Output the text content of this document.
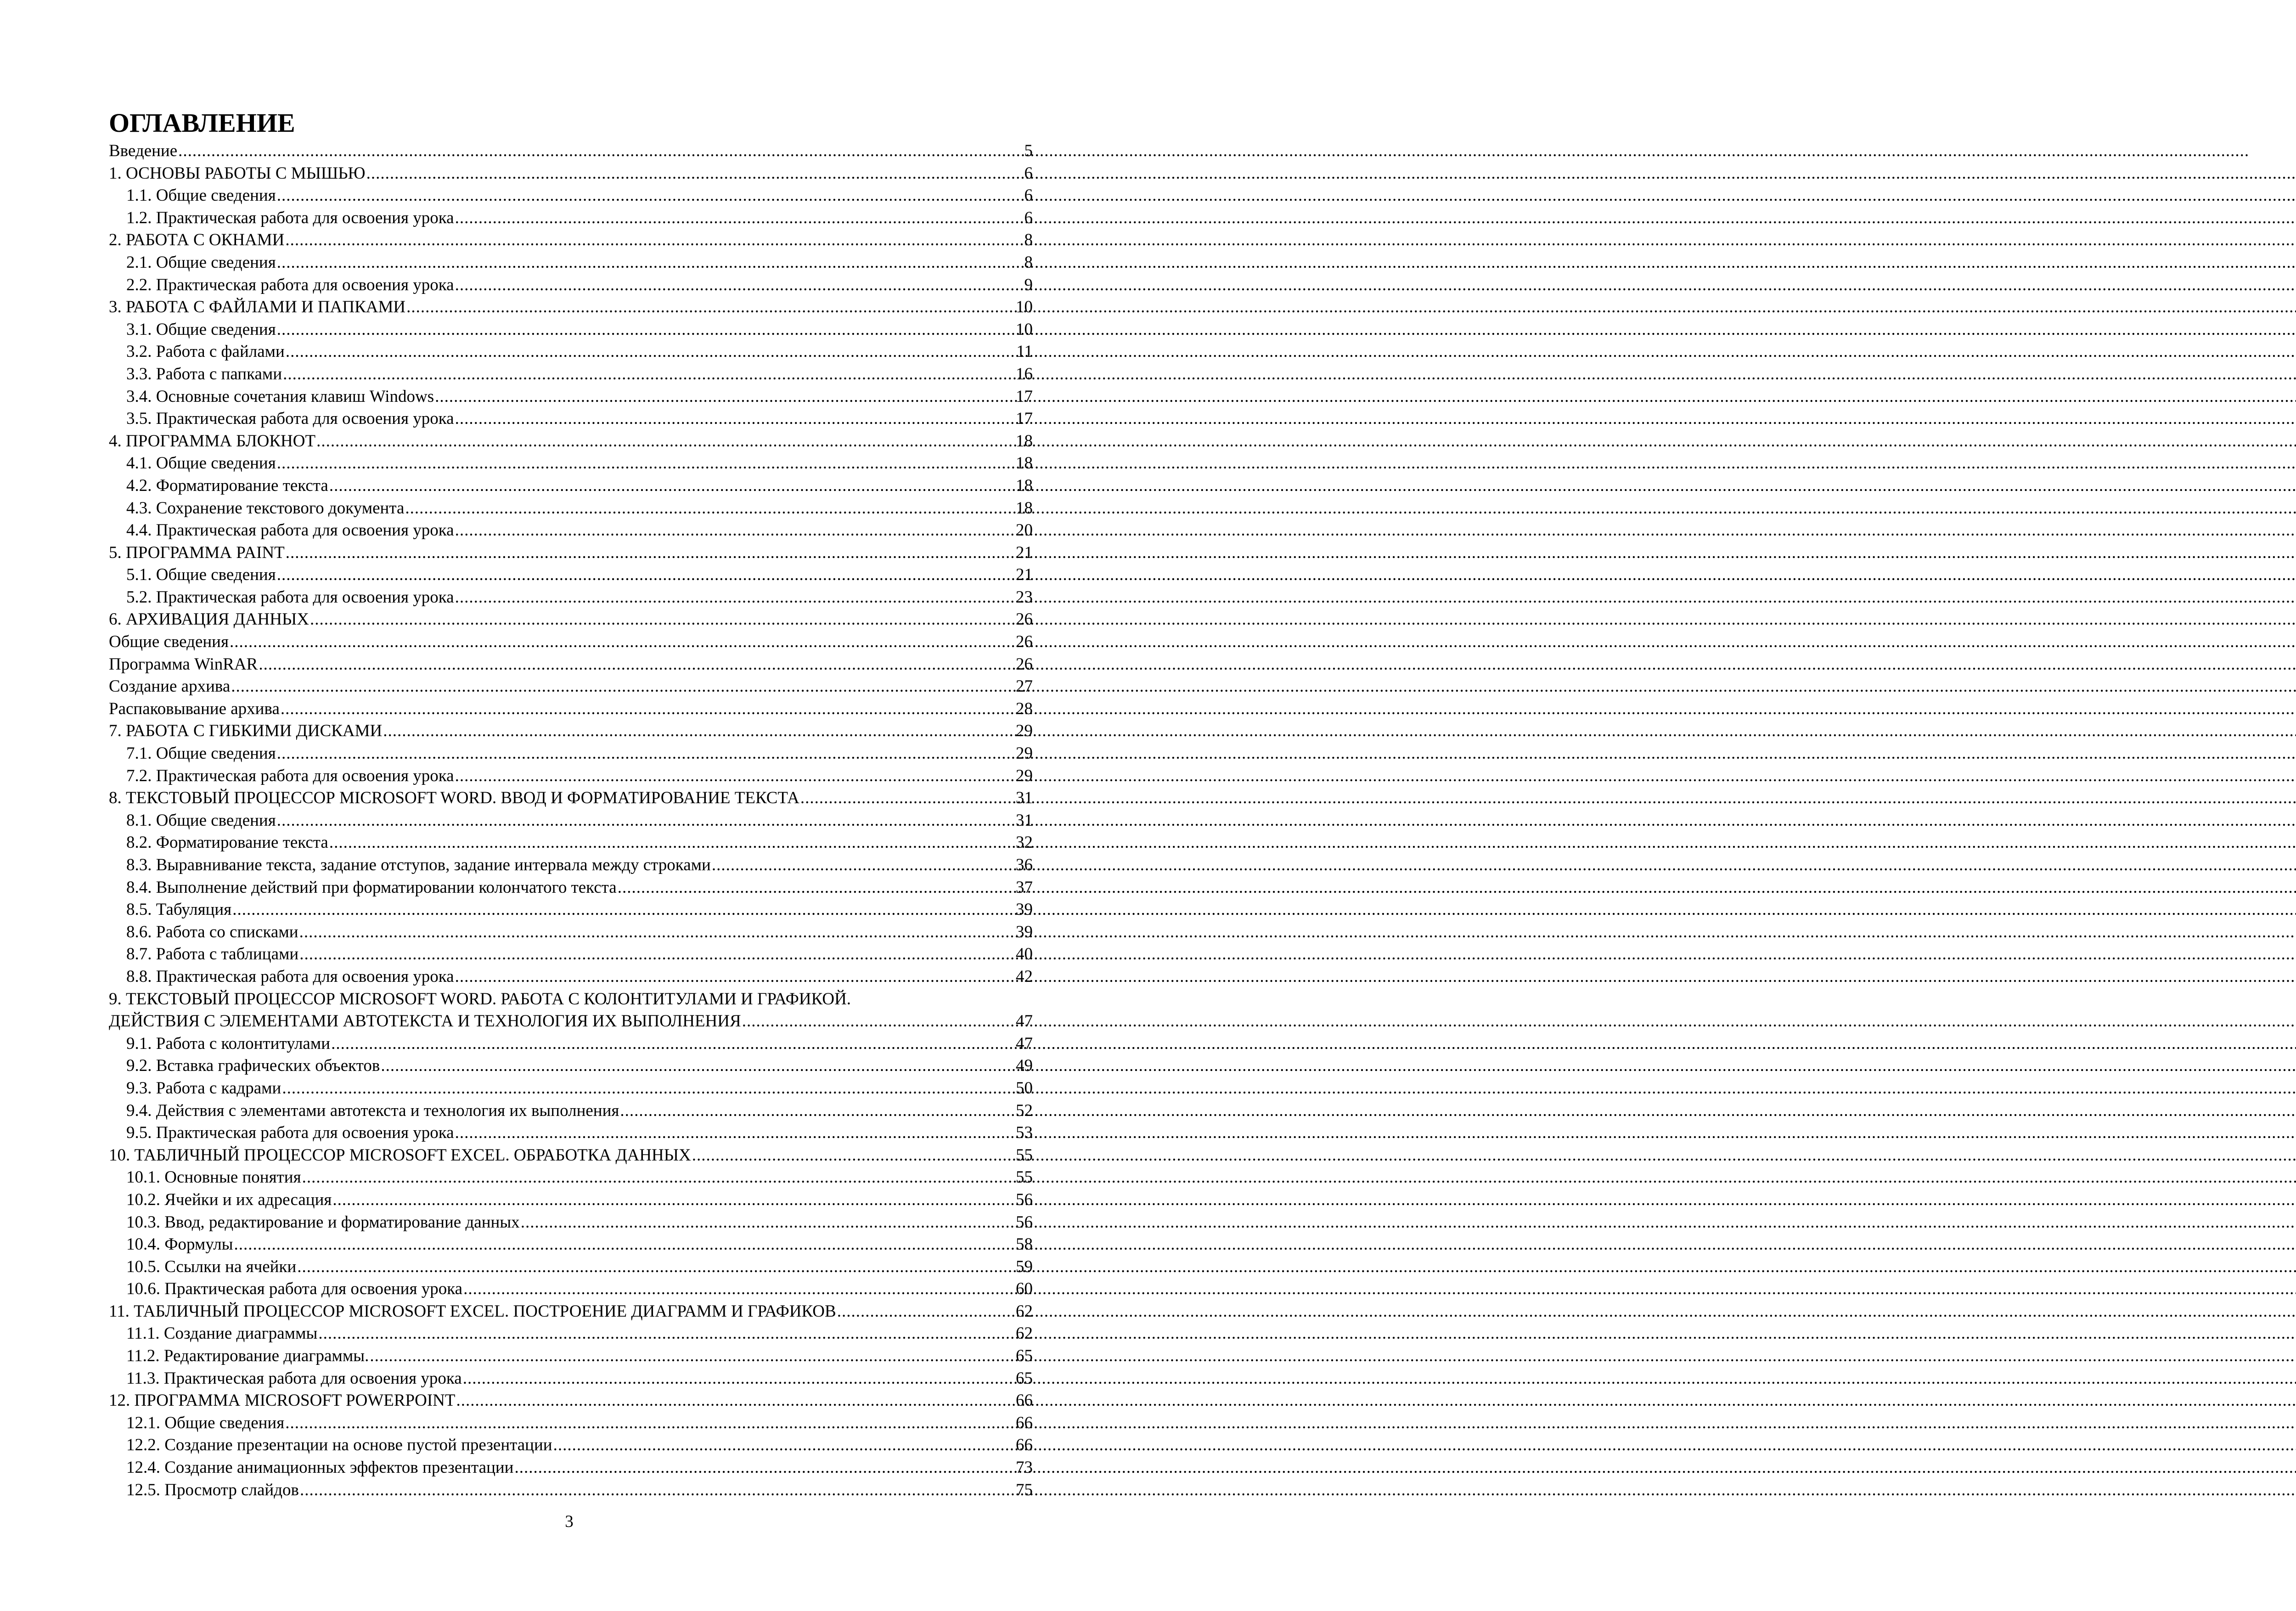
ОГЛАВЛЕНИЕ
Введение .....	5
1. ОСНОВЫ РАБОТЫ С МЫШЬЮ .....	6
1.1. Общие сведения .....	6
1.2. Практическая работа для освоения урока .....	6
2. РАБОТА С ОКНАМИ .....	8
2.1. Общие сведения .....	8
2.2. Практическая работа для освоения урока .....	9
3. РАБОТА С ФАЙЛАМИ И ПАПКАМИ .....	10
3.1. Общие сведения .....	10
3.2. Работа с файлами .....	11
3.3. Работа с папками .....	16
3.4. Основные сочетания клавиш Windows .....	17
3.5. Практическая работа для освоения урока .....	17
4. ПРОГРАММА БЛОКНОТ .....	18
4.1. Общие сведения .....	18
4.2. Форматирование текста .....	18
4.3. Сохранение текстового документа .....	18
4.4. Практическая работа для освоения урока .....	20
5. ПРОГРАММА PAINT .....	21
5.1. Общие сведения .....	21
5.2. Практическая работа для освоения урока .....	23
6. АРХИВАЦИЯ ДАННЫХ .....	26
Общие сведения .....	26
Программа WinRAR .....	26
Создание архива .....	27
Распаковывание архива .....	28
7. РАБОТА С ГИБКИМИ ДИСКАМИ .....	29
7.1. Общие сведения .....	29
7.2. Практическая работа для освоения урока .....	29
8. ТЕКСТОВЫЙ ПРОЦЕССОР MICROSOFT WORD. ВВОД И ФОРМАТИРОВАНИЕ ТЕКСТА .....	31
8.1. Общие сведения .....	31
8.2. Форматирование текста .....	32
8.3. Выравнивание текста, задание отступов, задание интервала между строками .....	36
8.4. Выполнение действий при форматировании колончатого текста .....	37
8.5. Табуляция .....	39
8.6. Работа со списками .....	39
8.7. Работа с таблицами .....	40
8.8. Практическая работа для освоения урока .....	42
9. ТЕКСТОВЫЙ ПРОЦЕССОР MICROSOFT WORD. РАБОТА С КОЛОНТИТУЛАМИ И ГРАФИКОЙ.
ДЕЙСТВИЯ С ЭЛЕМЕНТАМИ АВТОТЕКСТА И ТЕХНОЛОГИЯ ИХ ВЫПОЛНЕНИЯ .....	47
9.1. Работа с колонтитулами .....	47
9.2. Вставка графических объектов .....	49
9.3. Работа с кадрами .....	50
9.4. Действия с элементами автотекста и технология их выполнения .....	52
9.5. Практическая работа для освоения урока .....	53
10. ТАБЛИЧНЫЙ ПРОЦЕССОР MICROSOFT EXCEL. ОБРАБОТКА ДАННЫХ .....	55
10.1. Основные понятия .....	55
10.2. Ячейки и их адресация .....	56
10.3. Ввод, редактирование и форматирование данных .....	56
10.4. Формулы .....	58
10.5. Ссылки на ячейки .....	59
10.6. Практическая работа для освоения урока .....	60
11. ТАБЛИЧНЫЙ ПРОЦЕССОР MICROSOFT EXCEL. ПОСТРОЕНИЕ ДИАГРАММ И ГРАФИКОВ .....	62
11.1. Создание диаграммы .....	62
11.2. Редактирование диаграммы. .....	65
11.3. Практическая работа для освоения урока .....	65
12. ПРОГРАММА MICROSOFT POWERPOINT .....	66
12.1. Общие сведения .....	66
12.2. Создание презентации на основе пустой презентации .....	66
12.4. Создание анимационных эффектов презентации .....	73
12.5. Просмотр слайдов .....	75
3
